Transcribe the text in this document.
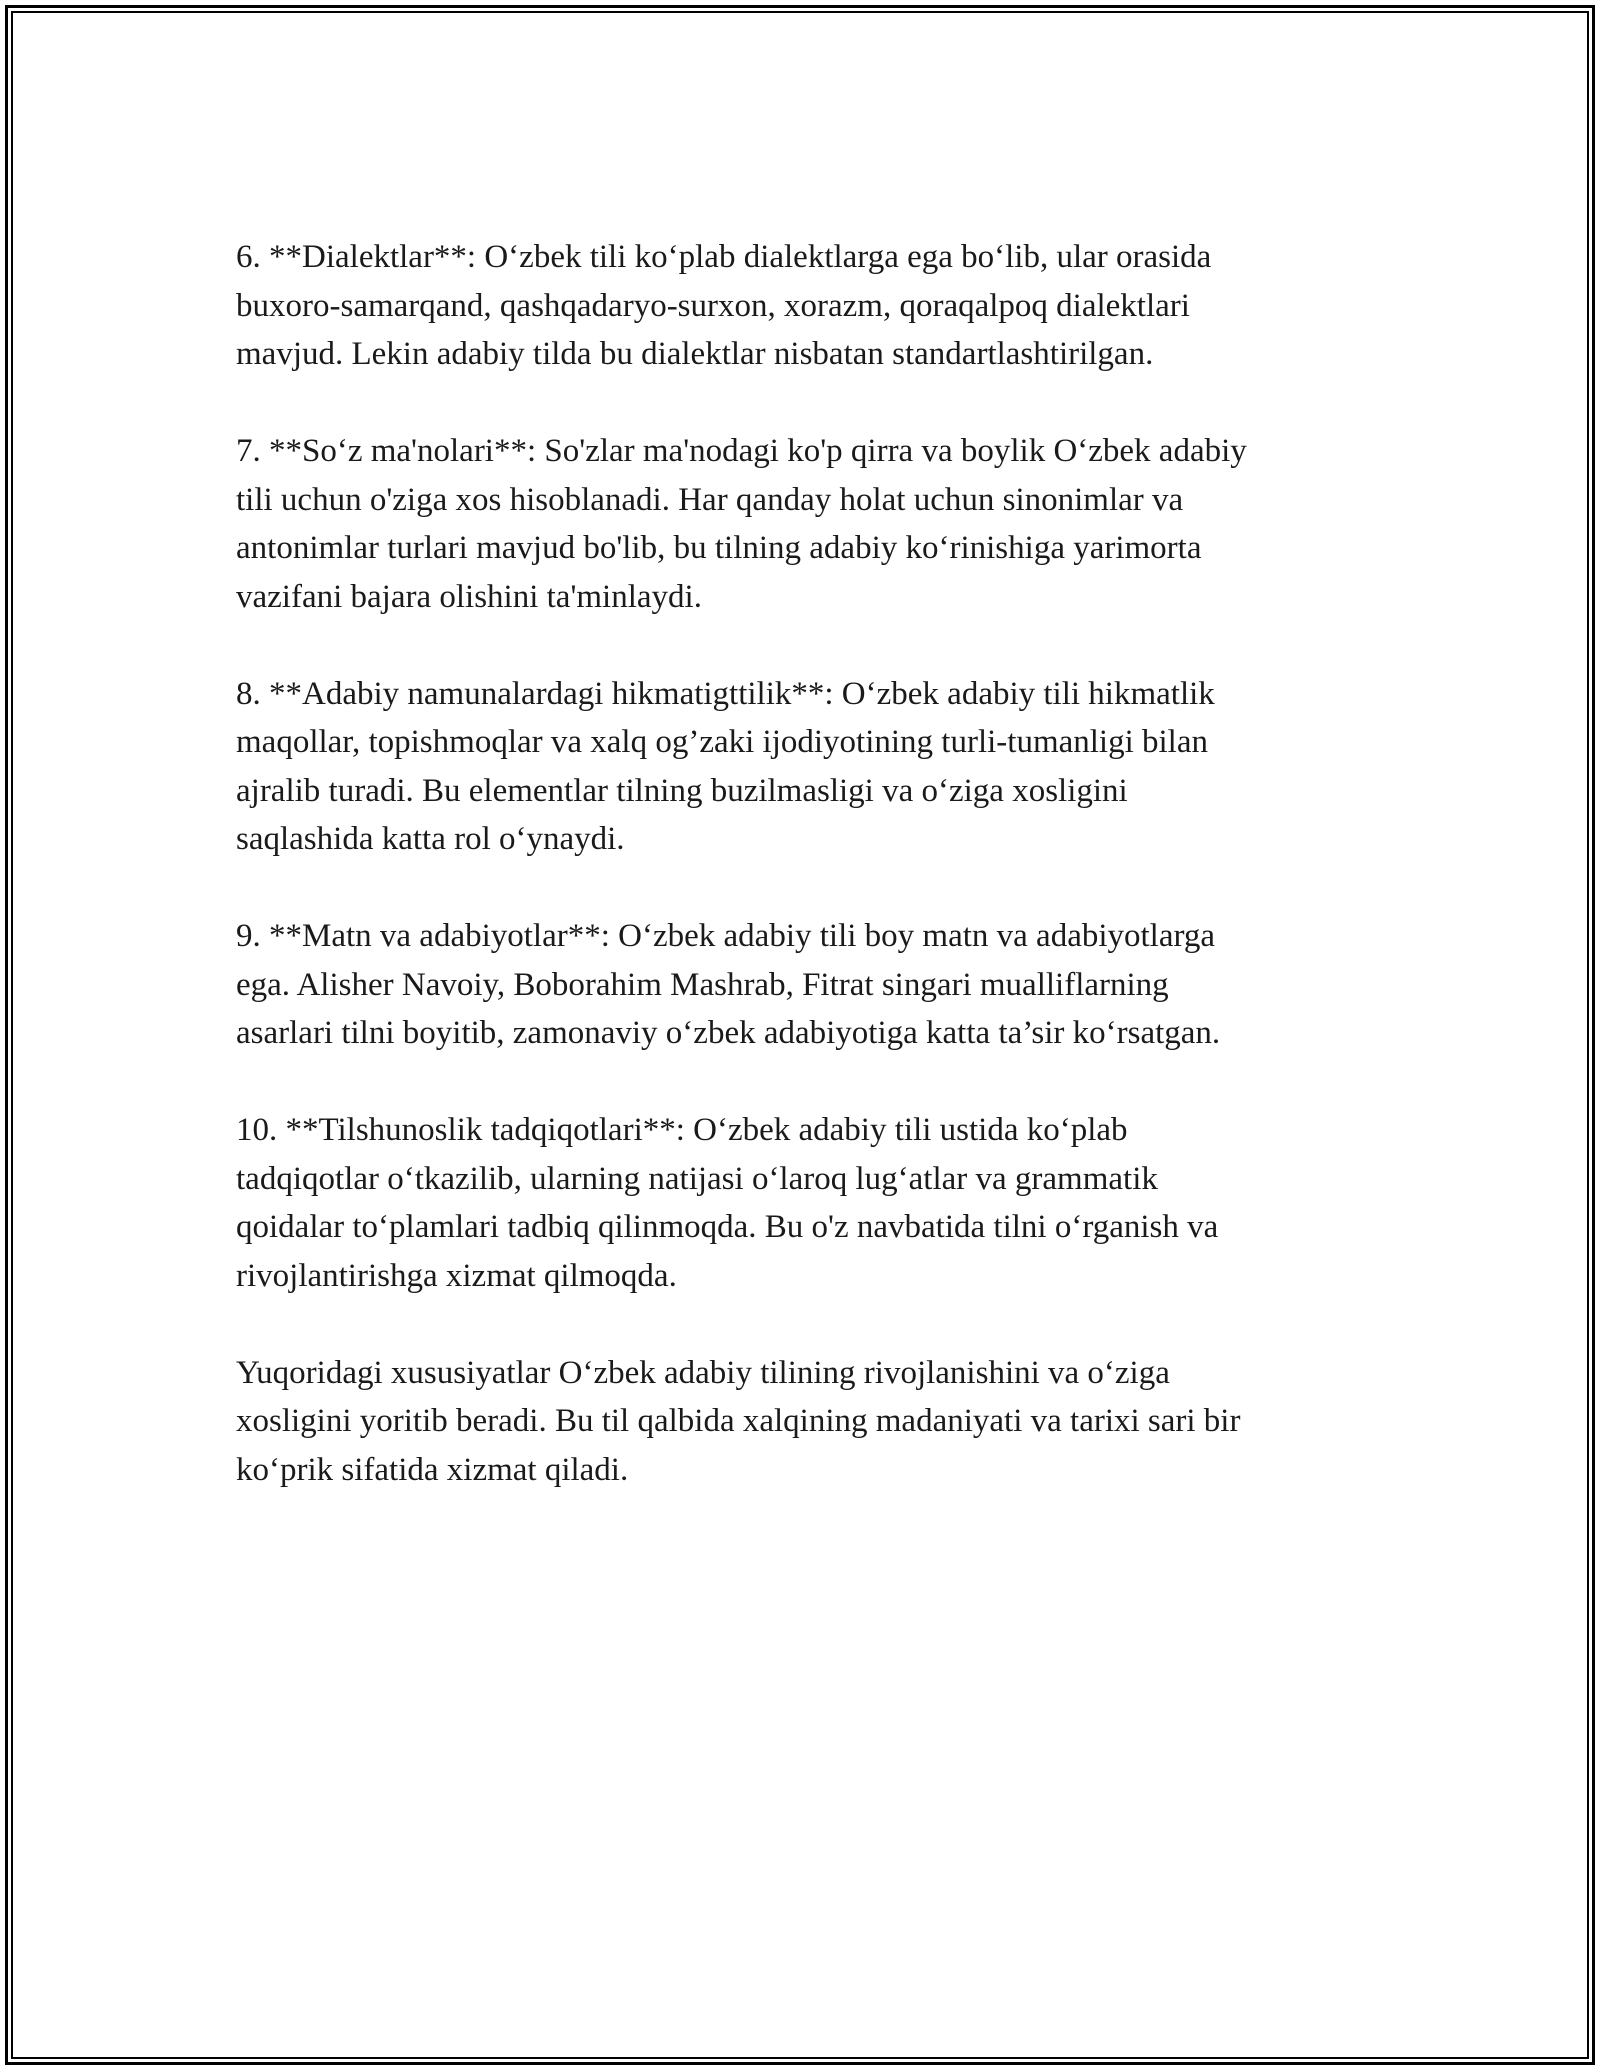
6. **Dialektlar**: O‘zbek tili ko‘plab dialektlarga ega bo‘lib, ular orasida
buxoro-samarqand, qashqadaryo-surxon, xorazm, qoraqalpoq dialektlari
mavjud. Lekin adabiy tilda bu dialektlar nisbatan standartlashtirilgan.

7. **So‘z ma'nolari**: So'zlar ma'nodagi ko'p qirra va boylik O‘zbek adabiy
tili uchun o'ziga xos hisoblanadi. Har qanday holat uchun sinonimlar va
antonimlar turlari mavjud bo'lib, bu tilning adabiy ko‘rinishiga yarimorta
vazifani bajara olishini ta'minlaydi.

8. **Adabiy namunalardagi hikmatigttilik**: O‘zbek adabiy tili hikmatlik
maqollar, topishmoqlar va xalq og’zaki ijodiyotining turli-tumanligi bilan
ajralib turadi. Bu elementlar tilning buzilmasligi va o‘ziga xosligini
saqlashida katta rol o‘ynaydi.

9. **Matn va adabiyotlar**: O‘zbek adabiy tili boy matn va adabiyotlarga
ega. Alisher Navoiy, Boborahim Mashrab, Fitrat singari mualliflarning
asarlari tilni boyitib, zamonaviy o‘zbek adabiyotiga katta ta’sir ko‘rsatgan.

10. **Tilshunoslik tadqiqotlari**: O‘zbek adabiy tili ustida ko‘plab
tadqiqotlar o‘tkazilib, ularning natijasi o‘laroq lug‘atlar va grammatik
qoidalar to‘plamlari tadbiq qilinmoqda. Bu o'z navbatida tilni o‘rganish va
rivojlantirishga xizmat qilmoqda.

Yuqoridagi xususiyatlar O‘zbek adabiy tilining rivojlanishini va o‘ziga
xosligini yoritib beradi. Bu til qalbida xalqining madaniyati va tarixi sari bir
ko‘prik sifatida xizmat qiladi.
